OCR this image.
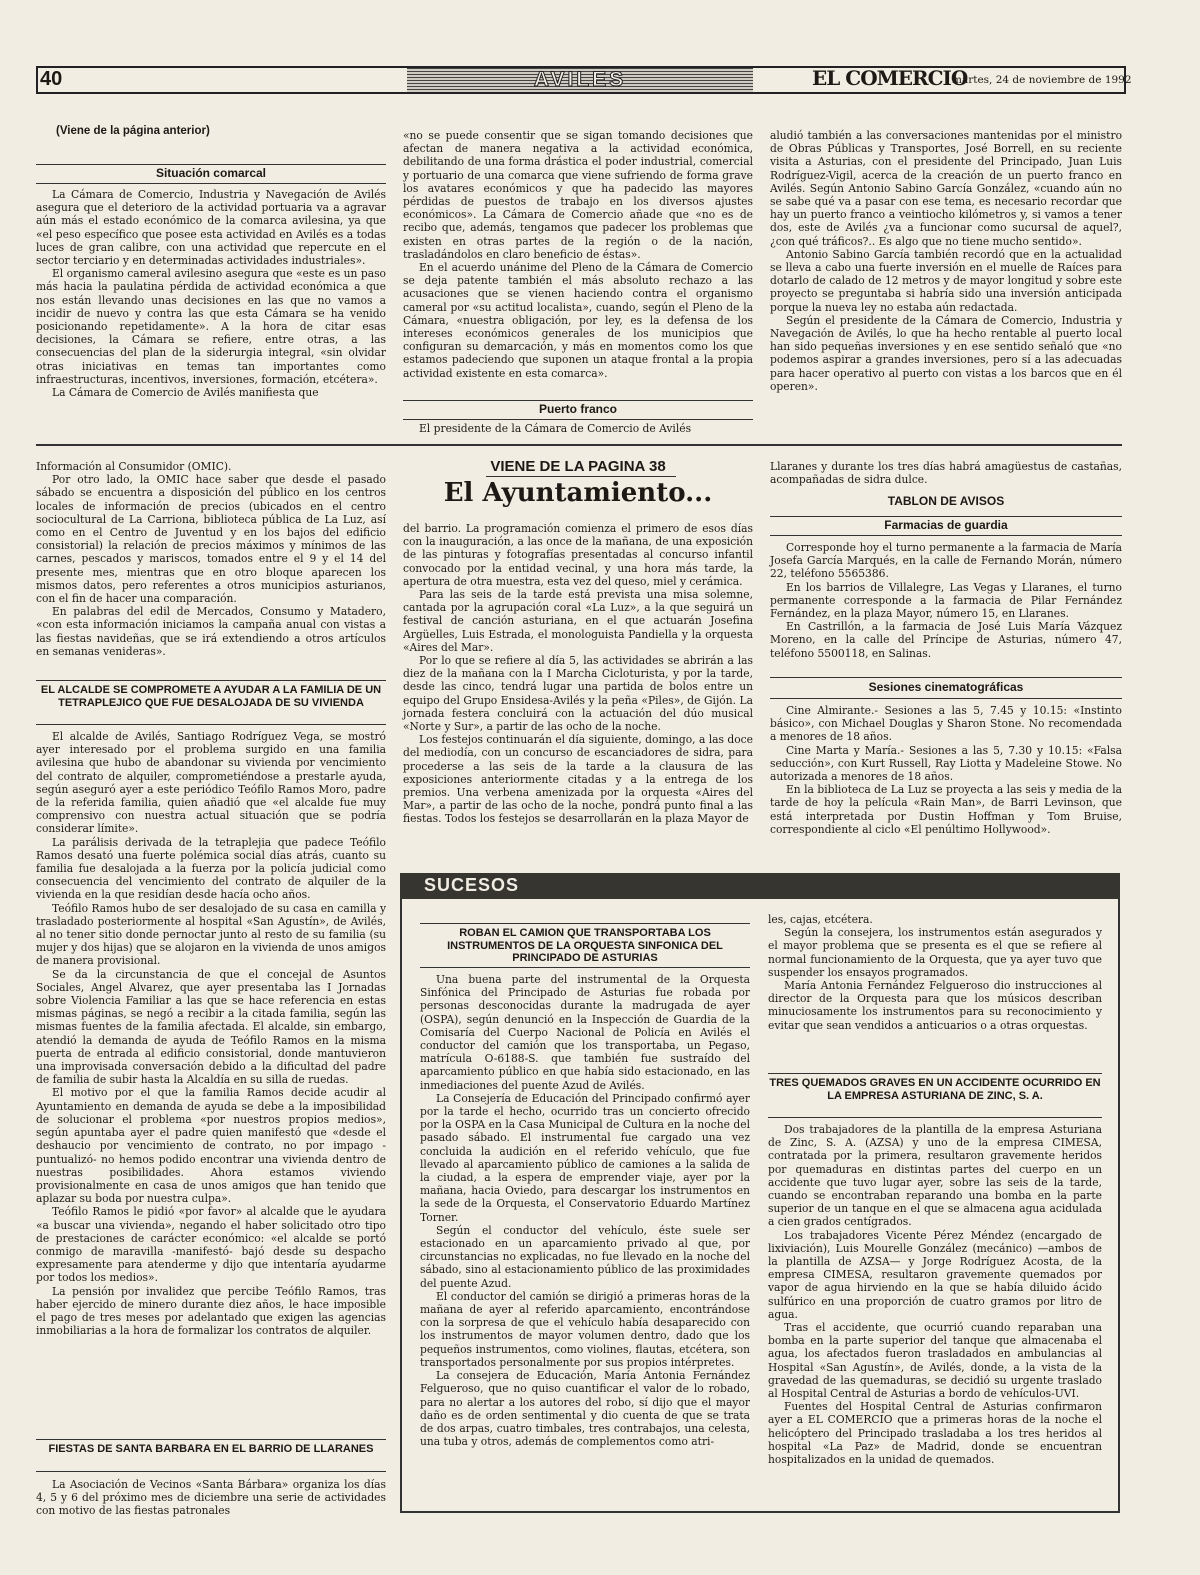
40	AVILES	EL COMERCIO
martes, 24 de noviembre de 1992
(Viene de la página anterior)
Situación comarcal

La Cámara de Comercio, Industria y Navegación de Avilés asegura que el deterioro de la actividad portuaria va a agravar aún más el estado económico de la comarca avilesina, ya que «el peso específico que posee esta actividad en Avilés es a todas luces de gran calibre, con una actividad que repercute en el sector terciario y en determinadas actividades industriales».

El organismo cameral avilesino asegura que «este es un paso más hacia la paulatina pérdida de actividad económica a que nos están llevando unas decisiones en las que no vamos a incidir de nuevo y contra las que esta Cámara se ha venido posicionando repetidamente». A la hora de citar esas decisiones, la Cámara se refiere, entre otras, a las consecuencias del plan de la siderurgia integral, «sin olvidar otras iniciativas en temas tan importantes como infraestructuras, incentivos, inversiones, formación, etcétera».

La Cámara de Comercio de Avilés manifiesta que

«no se puede consentir que se sigan tomando decisiones que afectan de manera negativa a la actividad económica, debilitando de una forma drástica el poder industrial, comercial y portuario de una comarca que viene sufriendo de forma grave los avatares económicos y que ha padecido las mayores pérdidas de puestos de trabajo en los diversos ajustes económicos». La Cámara de Comercio añade que «no es de recibo que, además, tengamos que padecer los problemas que existen en otras partes de la región o de la nación, trasladándolos en claro beneficio de éstas».

En el acuerdo unánime del Pleno de la Cámara de Comercio se deja patente también el más absoluto rechazo a las acusaciones que se vienen haciendo contra el organismo cameral por «su actitud localista», cuando, según el Pleno de la Cámara, «nuestra obligación, por ley, es la defensa de los intereses económicos generales de los municipios que configuran su demarcación, y más en momentos como los que estamos padeciendo que suponen un ataque frontal a la propia actividad existente en esta comarca».

Puerto franco

El presidente de la Cámara de Comercio de Avilés

aludió también a las conversaciones mantenidas por el ministro de Obras Públicas y Transportes, José Borrell, en su reciente visita a Asturias, con el presidente del Principado, Juan Luis Rodríguez-Vigil, acerca de la creación de un puerto franco en Avilés. Según Antonio Sabino García González, «cuando aún no se sabe qué va a pasar con ese tema, es necesario recordar que hay un puerto franco a veintiocho kilómetros y, si vamos a tener dos, este de Avilés ¿va a funcionar como sucursal de aquel?, ¿con qué tráficos?.. Es algo que no tiene mucho sentido».

Antonio Sabino García también recordó que en la actualidad se lleva a cabo una fuerte inversión en el muelle de Raíces para dotarlo de calado de 12 metros y de mayor longitud y sobre este proyecto se preguntaba si habría sido una inversión anticipada porque la nueva ley no estaba aún redactada.

Según el presidente de la Cámara de Comercio, Industria y Navegación de Avilés, lo que ha hecho rentable al puerto local han sido pequeñas inversiones y en ese sentido señaló que «no podemos aspirar a grandes inversiones, pero sí a las adecuadas para hacer operativo al puerto con vistas a los barcos que en él operen».

Información al Consumidor (OMIC).

Por otro lado, la OMIC hace saber que desde el pasado sábado se encuentra a disposición del público en los centros locales de información de precios (ubicados en el centro sociocultural de La Carriona, biblioteca pública de La Luz, así como en el Centro de Juventud y en los bajos del edificio consistorial) la relación de precios máximos y mínimos de las carnes, pescados y mariscos, tomados entre el 9 y el 14 del presente mes, mientras que en otro bloque aparecen los mismos datos, pero referentes a otros municipios asturianos, con el fin de hacer una comparación.

En palabras del edil de Mercados, Consumo y Matadero, «con esta información iniciamos la campaña anual con vistas a las fiestas navideñas, que se irá extendiendo a otros artículos en semanas venideras».

EL ALCALDE SE COMPROMETE A AYUDAR A LA FAMILIA DE UN TETRAPLEJICO QUE FUE DESALOJADA DE SU VIVIENDA

El alcalde de Avilés, Santiago Rodríguez Vega, se mostró ayer interesado por el problema surgido en una familia avilesina que hubo de abandonar su vivienda por vencimiento del contrato de alquiler, comprometiéndose a prestarle ayuda, según aseguró ayer a este periódico Teófilo Ramos Moro, padre de la referida familia, quien añadió que «el alcalde fue muy comprensivo con nuestra actual situación que se podría considerar límite».

La parálisis derivada de la tetraplejia que padece Teófilo Ramos desató una fuerte polémica social días atrás, cuanto su familia fue desalojada a la fuerza por la policía judicial como consecuencia del vencimiento del contrato de alquiler de la vivienda en la que residían desde hacía ocho años.

Teófilo Ramos hubo de ser desalojado de su casa en camilla y trasladado posteriormente al hospital «San Agustín», de Avilés, al no tener sitio donde pernoctar junto al resto de su familia (su mujer y dos hijas) que se alojaron en la vivienda de unos amigos de manera provisional.

Se da la circunstancia de que el concejal de Asuntos Sociales, Angel Alvarez, que ayer presentaba las I Jornadas sobre Violencia Familiar a las que se hace referencia en estas mismas páginas, se negó a recibir a la citada familia, según las mismas fuentes de la familia afectada. El alcalde, sin embargo, atendió la demanda de ayuda de Teófilo Ramos en la misma puerta de entrada al edificio consistorial, donde mantuvieron una improvisada conversación debido a la dificultad del padre de familia de subir hasta la Alcaldía en su silla de ruedas.

El motivo por el que la familia Ramos decide acudir al Ayuntamiento en demanda de ayuda se debe a la imposibilidad de solucionar el problema «por nuestros propios medios», según apuntaba ayer el padre quien manifestó que «desde el deshaucio por vencimiento de contrato, no por impago -puntualizó- no hemos podido encontrar una vivienda dentro de nuestras posibilidades. Ahora estamos viviendo provisionalmente en casa de unos amigos que han tenido que aplazar su boda por nuestra culpa».

Teófilo Ramos le pidió «por favor» al alcalde que le ayudara «a buscar una vivienda», negando el haber solicitado otro tipo de prestaciones de carácter económico: «el alcalde se portó conmigo de maravilla -manifestó- bajó desde su despacho expresamente para atenderme y dijo que intentaría ayudarme por todos los medios».

La pensión por invalidez que percibe Teófilo Ramos, tras haber ejercido de minero durante diez años, le hace imposible el pago de tres meses por adelantado que exigen las agencias inmobiliarias a la hora de formalizar los contratos de alquiler.

FIESTAS DE SANTA BARBARA EN EL BARRIO DE LLARANES

La Asociación de Vecinos «Santa Bárbara» organiza los días 4, 5 y 6 del próximo mes de diciembre una serie de actividades con motivo de las fiestas patronales

VIENE DE LA PAGINA 38
El Ayuntamiento...

del barrio. La programación comienza el primero de esos días con la inauguración, a las once de la mañana, de una exposición de las pinturas y fotografías presentadas al concurso infantil convocado por la entidad vecinal, y una hora más tarde, la apertura de otra muestra, esta vez del queso, miel y cerámica.

Para las seis de la tarde está prevista una misa solemne, cantada por la agrupación coral «La Luz», a la que seguirá un festival de canción asturiana, en el que actuarán Josefina Argüelles, Luis Estrada, el monologuista Pandiella y la orquesta «Aires del Mar».

Por lo que se refiere al día 5, las actividades se abrirán a las diez de la mañana con la I Marcha Cicloturista, y por la tarde, desde las cinco, tendrá lugar una partida de bolos entre un equipo del Grupo Ensidesa-Avilés y la peña «Piles», de Gijón. La jornada festera concluirá con la actuación del dúo musical «Norte y Sur», a partir de las ocho de la noche.

Los festejos continuarán el día siguiente, domingo, a las doce del mediodía, con un concurso de escanciadores de sidra, para procederse a las seis de la tarde a la clausura de las exposiciones anteriormente citadas y a la entrega de los premios. Una verbena amenizada por la orquesta «Aires del Mar», a partir de las ocho de la noche, pondrá punto final a las fiestas. Todos los festejos se desarrollarán en la plaza Mayor de

Llaranes y durante los tres días habrá amagüestus de castañas, acompañadas de sidra dulce.

TABLON DE AVISOS
Farmacias de guardia

Corresponde hoy el turno permanente a la farmacia de María Josefa García Marqués, en la calle de Fernando Morán, número 22, teléfono 5565386.

En los barrios de Villalegre, Las Vegas y Llaranes, el turno permanente corresponde a la farmacia de Pilar Fernández Fernández, en la plaza Mayor, número 15, en Llaranes.

En Castrillón, a la farmacia de José Luis María Vázquez Moreno, en la calle del Príncipe de Asturias, número 47, teléfono 5500118, en Salinas.

Sesiones cinematográficas

Cine Almirante.- Sesiones a las 5, 7.45 y 10.15: «Instinto básico», con Michael Douglas y Sharon Stone. No recomendada a menores de 18 años.

Cine Marta y María.- Sesiones a las 5, 7.30 y 10.15: «Falsa seducción», con Kurt Russell, Ray Liotta y Madeleine Stowe. No autorizada a menores de 18 años.

En la biblioteca de La Luz se proyecta a las seis y media de la tarde de hoy la película «Rain Man», de Barri Levinson, que está interpretada por Dustin Hoffman y Tom Bruise, correspondiente al ciclo «El penúltimo Hollywood».

SUCESOS
ROBAN EL CAMION QUE TRANSPORTABA LOS INSTRUMENTOS DE LA ORQUESTA SINFONICA DEL PRINCIPADO DE ASTURIAS

Una buena parte del instrumental de la Orquesta Sinfónica del Principado de Asturias fue robada por personas desconocidas durante la madrugada de ayer (OSPA), según denunció en la Inspección de Guardia de la Comisaría del Cuerpo Nacional de Policía en Avilés el conductor del camión que los transportaba, un Pegaso, matrícula O-6188-S. que también fue sustraído del aparcamiento público en que había sido estacionado, en las inmediaciones del puente Azud de Avilés.

La Consejería de Educación del Principado confirmó ayer por la tarde el hecho, ocurrido tras un concierto ofrecido por la OSPA en la Casa Municipal de Cultura en la noche del pasado sábado. El instrumental fue cargado una vez concluida la audición en el referido vehículo, que fue llevado al aparcamiento público de camiones a la salida de la ciudad, a la espera de emprender viaje, ayer por la mañana, hacia Oviedo, para descargar los instrumentos en la sede de la Orquesta, el Conservatorio Eduardo Martínez Torner.

Según el conductor del vehículo, éste suele ser estacionado en un aparcamiento privado al que, por circunstancias no explicadas, no fue llevado en la noche del sábado, sino al estacionamiento público de las proximidades del puente Azud.

El conductor del camión se dirigió a primeras horas de la mañana de ayer al referido aparcamiento, encontrándose con la sorpresa de que el vehículo había desaparecido con los instrumentos de mayor volumen dentro, dado que los pequeños instrumentos, como violines, flautas, etcétera, son transportados personalmente por sus propios intérpretes.

La consejera de Educación, María Antonia Fernández Felgueroso, que no quiso cuantificar el valor de lo robado, para no alertar a los autores del robo, sí dijo que el mayor daño es de orden sentimental y dio cuenta de que se trata de dos arpas, cuatro timbales, tres contrabajos, una celesta, una tuba y otros, además de complementos como atri-

les, cajas, etcétera.

Según la consejera, los instrumentos están asegurados y el mayor problema que se presenta es el que se refiere al normal funcionamiento de la Orquesta, que ya ayer tuvo que suspender los ensayos programados.

María Antonia Fernández Felgueroso dio instrucciones al director de la Orquesta para que los músicos describan minuciosamente los instrumentos para su reconocimiento y evitar que sean vendidos a anticuarios o a otras orquestas.

TRES QUEMADOS GRAVES EN UN ACCIDENTE OCURRIDO EN LA EMPRESA ASTURIANA DE ZINC, S. A.

Dos trabajadores de la plantilla de la empresa Asturiana de Zinc, S. A. (AZSA) y uno de la empresa CIMESA, contratada por la primera, resultaron gravemente heridos por quemaduras en distintas partes del cuerpo en un accidente que tuvo lugar ayer, sobre las seis de la tarde, cuando se encontraban reparando una bomba en la parte superior de un tanque en el que se almacena agua acidulada a cien grados centígrados.

Los trabajadores Vicente Pérez Méndez (encargado de lixiviación), Luis Mourelle González (mecánico) —ambos de la plantilla de AZSA— y Jorge Rodríguez Acosta, de la empresa CIMESA, resultaron gravemente quemados por vapor de agua hirviendo en la que se había diluido ácido sulfúrico en una proporción de cuatro gramos por litro de agua.

Tras el accidente, que ocurrió cuando reparaban una bomba en la parte superior del tanque que almacenaba el agua, los afectados fueron trasladados en ambulancias al Hospital «San Agustín», de Avilés, donde, a la vista de la gravedad de las quemaduras, se decidió su urgente traslado al Hospital Central de Asturias a bordo de vehículos-UVI.

Fuentes del Hospital Central de Asturias confirmaron ayer a EL COMERCIO que a primeras horas de la noche el helicóptero del Principado trasladaba a los tres heridos al hospital «La Paz» de Madrid, donde se encuentran hospitalizados en la unidad de quemados.
